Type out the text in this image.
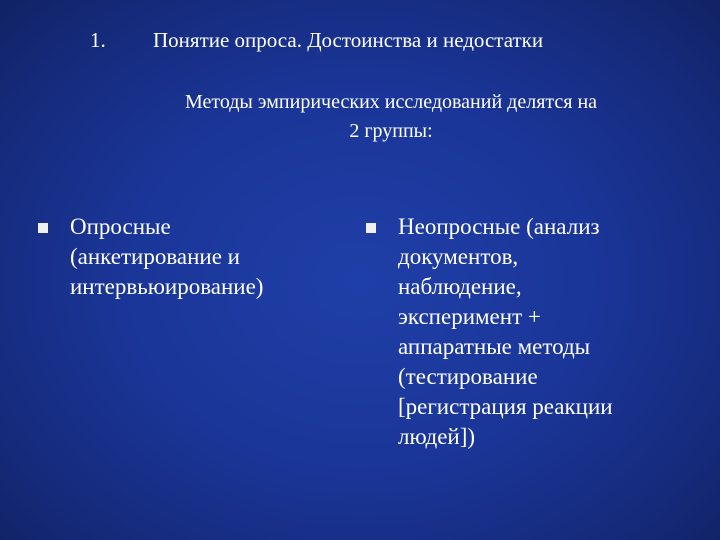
1. Понятие опроса. Достоинства и недостатки
Методы эмпирических исследований делятся на
2 группы:
Опросные
(анкетирование и
интервьюирование)
Неопросные (анализ
документов,
наблюдение,
эксперимент +
аппаратные методы
(тестирование
[регистрация реакции
людей])
